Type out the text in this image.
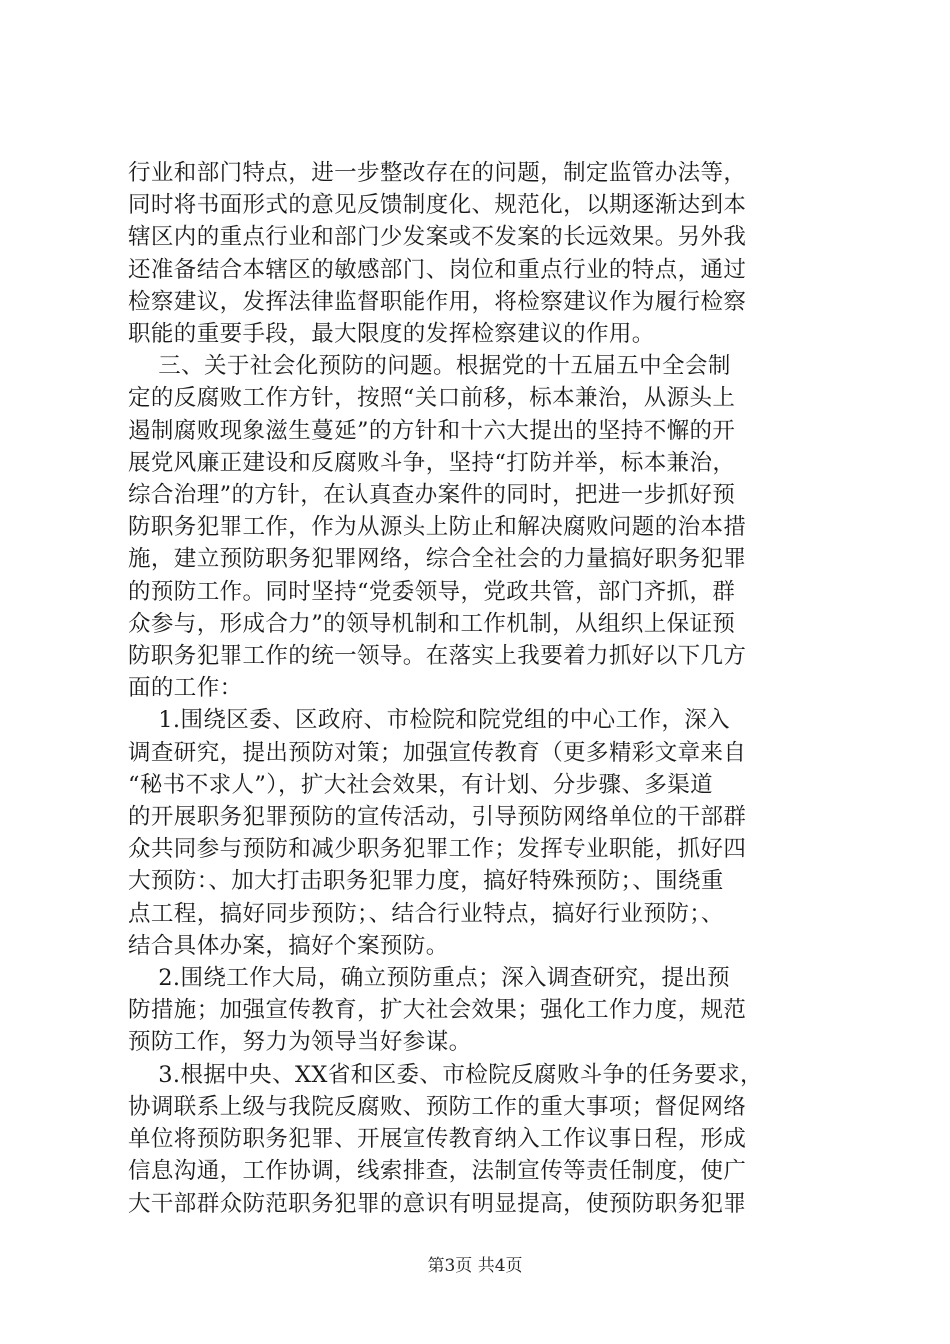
行业和部门特点，进一步整改存在的问题，制定监管办法等，

同时将书面形式的意见反馈制度化、规范化，以期逐渐达到本

辖区内的重点行业和部门少发案或不发案的长远效果。另外我

还准备结合本辖区的敏感部门、岗位和重点行业的特点，通过

检察建议，发挥法律监督职能作用，将检察建议作为履行检察

职能的重要手段，最大限度的发挥检察建议的作用。

三、关于社会化预防的问题。根据党的十五届五中全会制

定的反腐败工作方针，按照“关口前移，标本兼治，从源头上

遏制腐败现象滋生蔓延”的方针和十六大提出的坚持不懈的开

展党风廉正建设和反腐败斗争，坚持“打防并举，标本兼治，

综合治理”的方针，在认真查办案件的同时，把进一步抓好预

防职务犯罪工作，作为从源头上防止和解决腐败问题的治本措

施，建立预防职务犯罪网络，综合全社会的力量搞好职务犯罪

的预防工作。同时坚持“党委领导，党政共管，部门齐抓，群

众参与，形成合力”的领导机制和工作机制，从组织上保证预

防职务犯罪工作的统一领导。在落实上我要着力抓好以下几方

面的工作：

1.围绕区委、区政府、市检院和院党组的中心工作，深入

调查研究，提出预防对策；加强宣传教育（更多精彩文章来自

“秘书不求人”），扩大社会效果，有计划、分步骤、多渠道

的开展职务犯罪预防的宣传活动，引导预防网络单位的干部群

众共同参与预防和减少职务犯罪工作；发挥专业职能，抓好四

大预防：、加大打击职务犯罪力度，搞好特殊预防；、围绕重

点工程，搞好同步预防；、结合行业特点，搞好行业预防；、

结合具体办案，搞好个案预防。

2.围绕工作大局，确立预防重点；深入调查研究，提出预

防措施；加强宣传教育，扩大社会效果；强化工作力度，规范

预防工作，努力为领导当好参谋。

3.根据中央、XX省和区委、市检院反腐败斗争的任务要求，

协调联系上级与我院反腐败、预防工作的重大事项；督促网络

单位将预防职务犯罪、开展宣传教育纳入工作议事日程，形成

信息沟通，工作协调，线索排查，法制宣传等责任制度，使广

大干部群众防范职务犯罪的意识有明显提高，使预防职务犯罪

第3页 共4页
